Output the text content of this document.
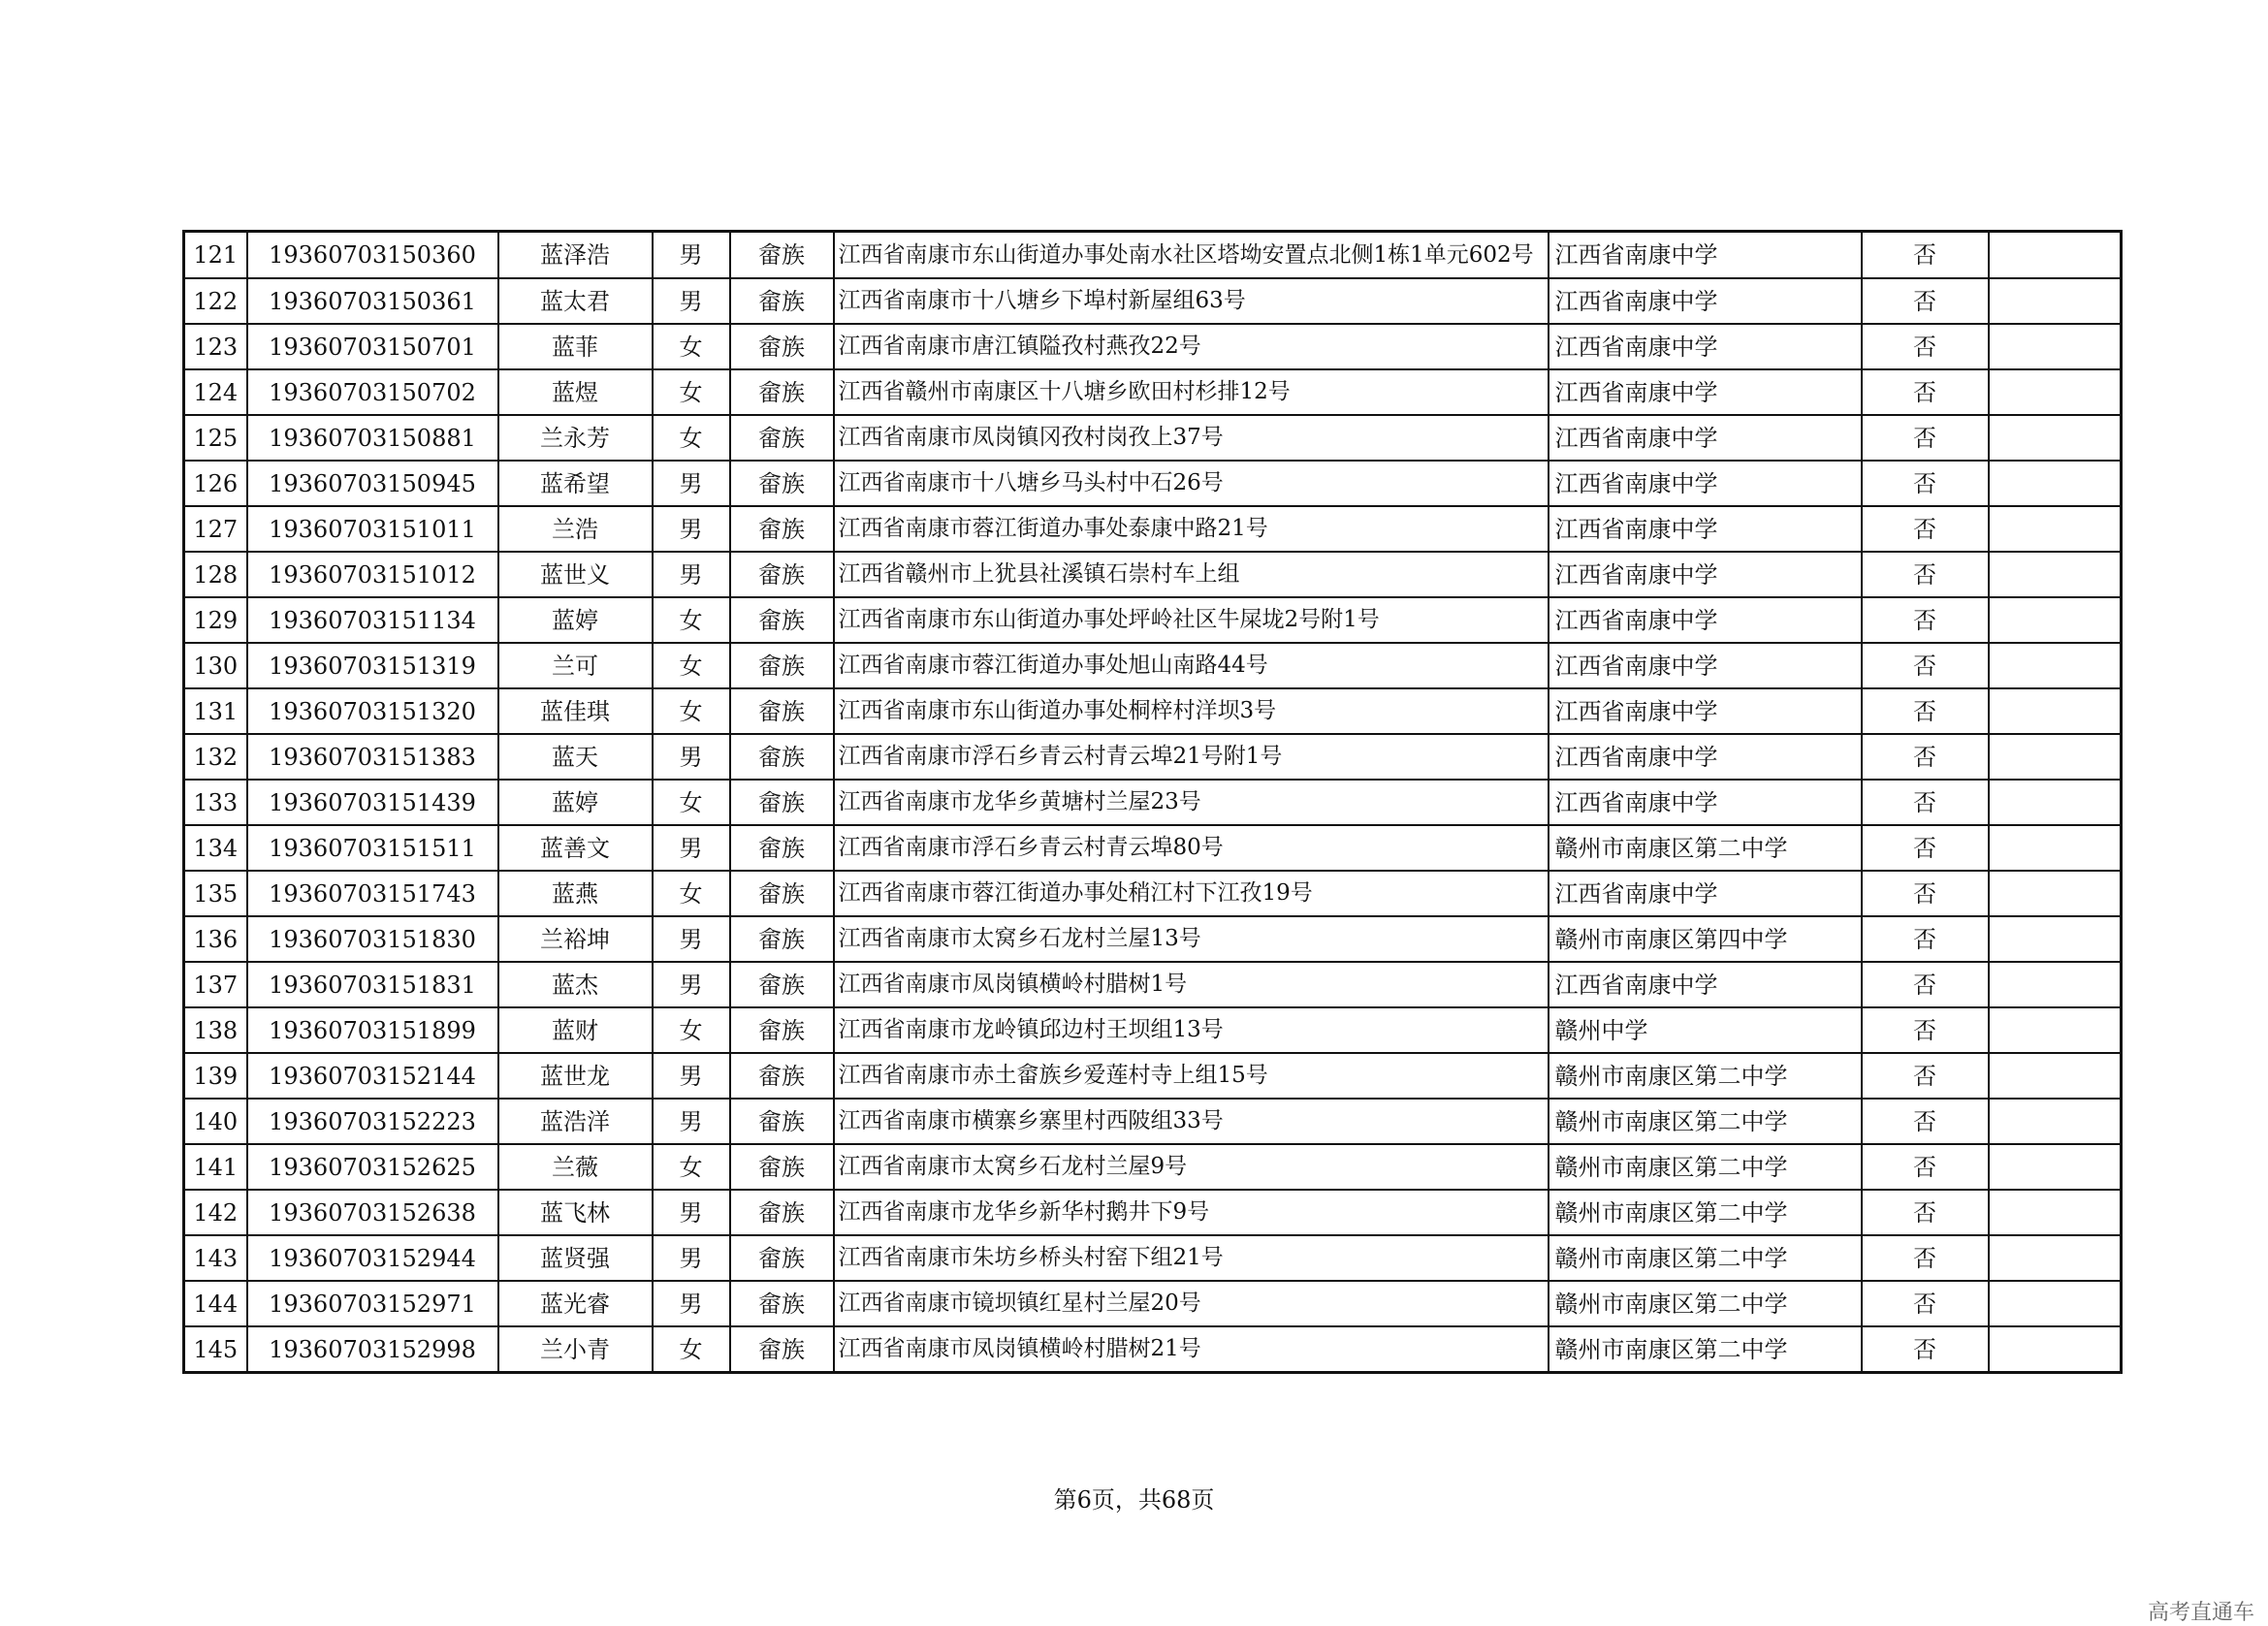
121	19360703150360	蓝泽浩	男	畲族	江西省南康市东山街道办事处南水社区塔坳安置点北侧1栋1单元602号	江西省南康中学	否	
122	19360703150361	蓝太君	男	畲族	江西省南康市十八塘乡下埠村新屋组63号	江西省南康中学	否	
123	19360703150701	蓝菲	女	畲族	江西省南康市唐江镇隘孜村燕孜22号	江西省南康中学	否	
124	19360703150702	蓝煜	女	畲族	江西省赣州市南康区十八塘乡欧田村杉排12号	江西省南康中学	否	
125	19360703150881	兰永芳	女	畲族	江西省南康市凤岗镇冈孜村岗孜上37号	江西省南康中学	否	
126	19360703150945	蓝希望	男	畲族	江西省南康市十八塘乡马头村中石26号	江西省南康中学	否	
127	19360703151011	兰浩	男	畲族	江西省南康市蓉江街道办事处泰康中路21号	江西省南康中学	否	
128	19360703151012	蓝世义	男	畲族	江西省赣州市上犹县社溪镇石崇村车上组	江西省南康中学	否	
129	19360703151134	蓝婷	女	畲族	江西省南康市东山街道办事处坪岭社区牛屎垅2号附1号	江西省南康中学	否	
130	19360703151319	兰可	女	畲族	江西省南康市蓉江街道办事处旭山南路44号	江西省南康中学	否	
131	19360703151320	蓝佳琪	女	畲族	江西省南康市东山街道办事处桐梓村洋坝3号	江西省南康中学	否	
132	19360703151383	蓝天	男	畲族	江西省南康市浮石乡青云村青云埠21号附1号	江西省南康中学	否	
133	19360703151439	蓝婷	女	畲族	江西省南康市龙华乡黄塘村兰屋23号	江西省南康中学	否	
134	19360703151511	蓝善文	男	畲族	江西省南康市浮石乡青云村青云埠80号	赣州市南康区第二中学	否	
135	19360703151743	蓝燕	女	畲族	江西省南康市蓉江街道办事处稍江村下江孜19号	江西省南康中学	否	
136	19360703151830	兰裕坤	男	畲族	江西省南康市太窝乡石龙村兰屋13号	赣州市南康区第四中学	否	
137	19360703151831	蓝杰	男	畲族	江西省南康市凤岗镇横岭村腊树1号	江西省南康中学	否	
138	19360703151899	蓝财	女	畲族	江西省南康市龙岭镇邱边村王坝组13号	赣州中学	否	
139	19360703152144	蓝世龙	男	畲族	江西省南康市赤土畲族乡爱莲村寺上组15号	赣州市南康区第二中学	否	
140	19360703152223	蓝浩洋	男	畲族	江西省南康市横寨乡寨里村西陂组33号	赣州市南康区第二中学	否	
141	19360703152625	兰薇	女	畲族	江西省南康市太窝乡石龙村兰屋9号	赣州市南康区第二中学	否	
142	19360703152638	蓝飞林	男	畲族	江西省南康市龙华乡新华村鹅井下9号	赣州市南康区第二中学	否	
143	19360703152944	蓝贤强	男	畲族	江西省南康市朱坊乡桥头村窑下组21号	赣州市南康区第二中学	否	
144	19360703152971	蓝光睿	男	畲族	江西省南康市镜坝镇红星村兰屋20号	赣州市南康区第二中学	否	
145	19360703152998	兰小青	女	畲族	江西省南康市凤岗镇横岭村腊树21号	赣州市南康区第二中学	否	
第6页，共68页
高考直通车
